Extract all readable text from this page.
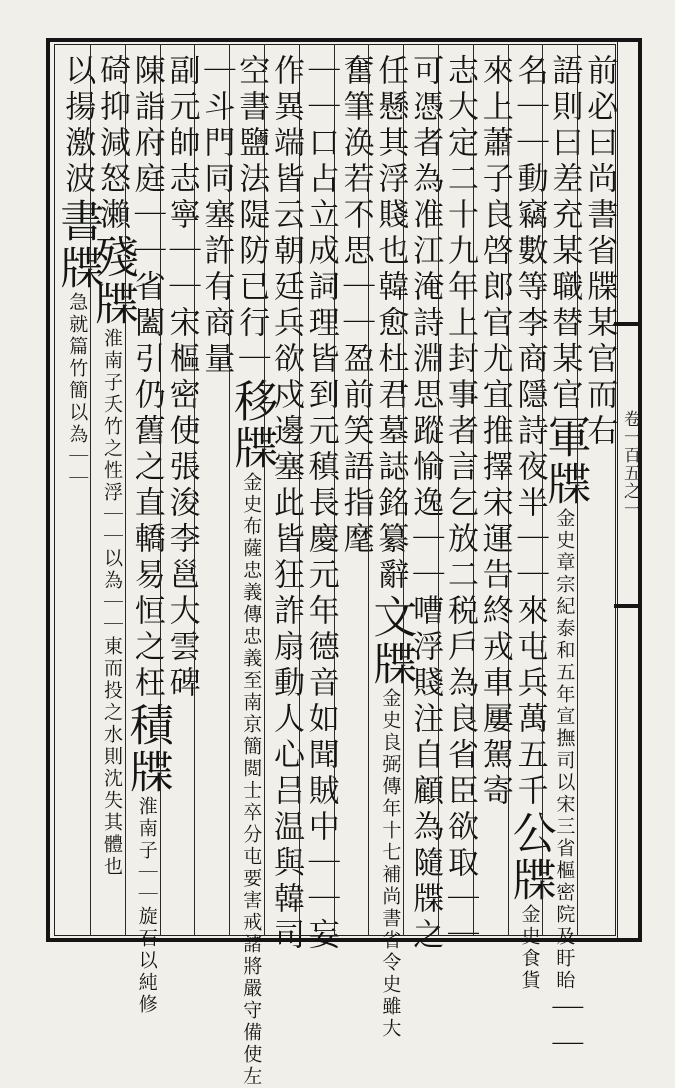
卷一百五之一
前必曰尚書省牒某官而右
語則曰差充某職替某官軍牒金史章宗紀泰和五年宣撫司以宋三省樞密院及盱眙｜｜
名｜｜動竊數等李商隱詩夜半｜｜來屯兵萬五千公牒金史食貨
來上蕭子良啓郎官尤宜推擇宋運告終戎車屢駕寄
志大定二十九年上封事者言乞放二税戶為良省臣欲取｜｜
可憑者為准江淹詩淵思蹤愉逸｜｜嘈浮賤注自顧為隨牒之
任懸其浮賤也韓愈杜君墓誌銘纂辭文牒金史良弼傳年十七補尚書省令史雖大
奮筆涣若不思｜｜盈前笑語指麾
｜｜口占立成詞理皆到元稹長慶元年德音如聞賊中｜｜妄
作異端皆云朝廷兵欲戍邊塞此皆狂詐扇動人心吕温與韓司
空書鹽法隄防已行｜移牒金史布薩忠義傳忠義至南京簡閲士卒分屯要害戒諸將嚴守備使左
｜斗門同塞許有商量
副元帥志寧｜｜宋樞密使張浚李邕大雲碑
陳詣府庭｜｜省闔引仍舊之直轎易恒之枉積牒淮南子｜｜旋石以純修
碕抑減怒瀨殘牒淮南子夭竹之性浮｜｜以為｜｜東而投之水則沈失其體也
以揚激波書牒急就篇竹簡以為｜｜
